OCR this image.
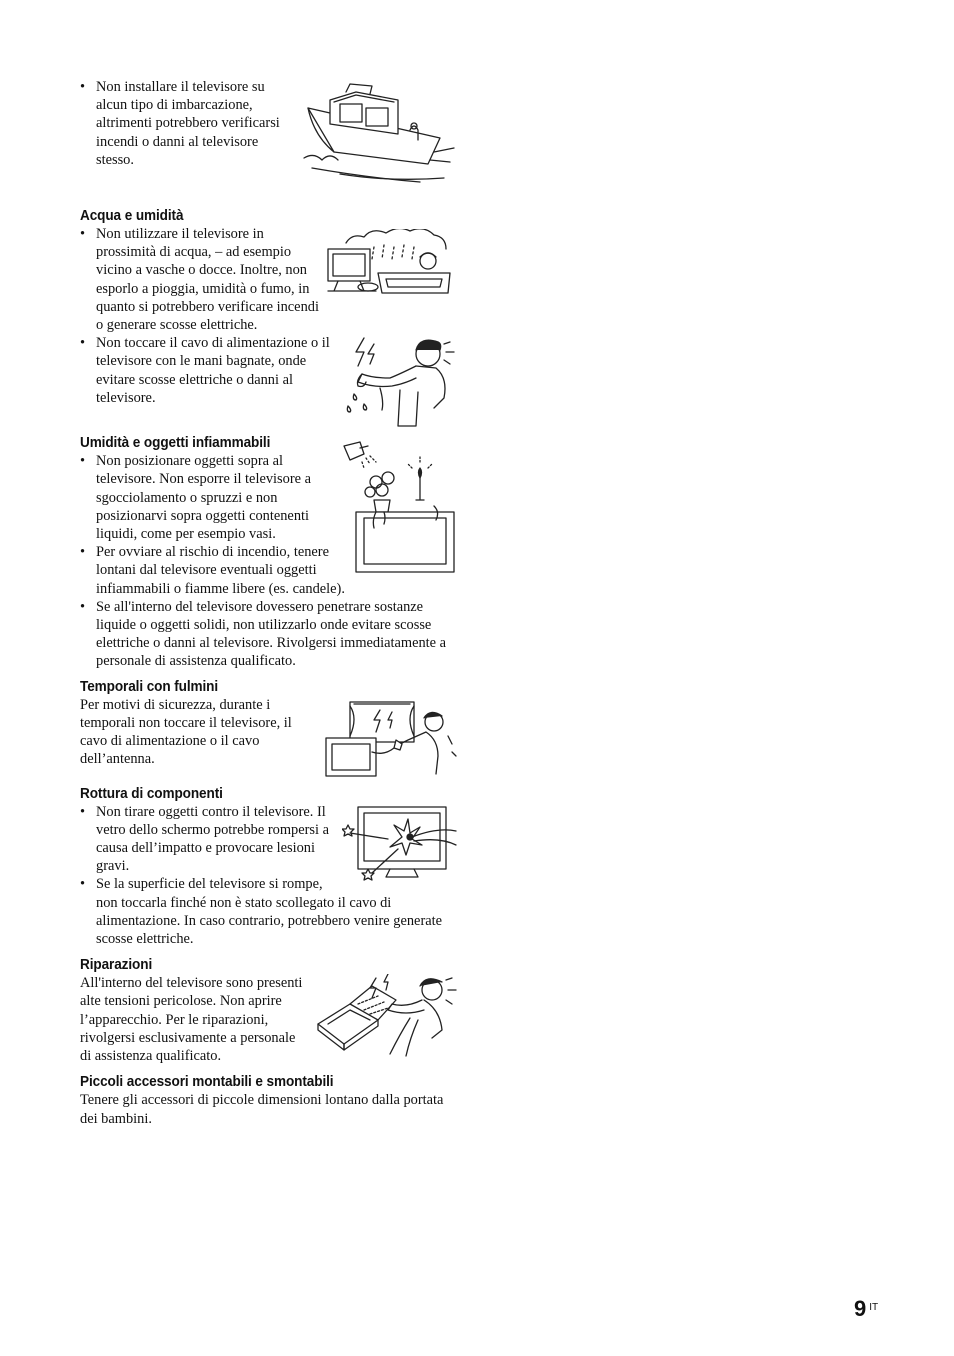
• Non installare il televisore su alcun tipo di imbarcazione, altrimenti potrebbero verificarsi incendi o danni al televisore stesso.

Acqua e umidità

• Non utilizzare il televisore in prossimità di acqua, – ad esempio vicino a vasche o docce. Inoltre, non esporlo a pioggia, umidità o fumo, in quanto si potrebbero verificare incendi o generare scosse elettriche.

• Non toccare il cavo di alimentazione o il televisore con le mani bagnate, onde evitare scosse elettriche o danni al televisore.

Umidità e oggetti infiammabili

• Non posizionare oggetti sopra al televisore. Non esporre il televisore a sgocciolamento o spruzzi e non posizionarvi sopra oggetti contenenti liquidi, come per esempio vasi.

• Per ovviare al rischio di incendio, tenere lontani dal televisore eventuali oggetti infiammabili o fiamme libere (es. candele).

• Se all'interno del televisore dovessero penetrare sostanze liquide o oggetti solidi, non utilizzarlo onde evitare scosse elettriche o danni al televisore. Rivolgersi immediatamente a personale di assistenza qualificato.

Temporali con fulmini

Per motivi di sicurezza, durante i temporali non toccare il televisore, il cavo di alimentazione o il cavo dell’antenna.

Rottura di componenti

• Non tirare oggetti contro il televisore. Il vetro dello schermo potrebbe rompersi a causa dell’impatto e provocare lesioni gravi.

• Se la superficie del televisore si rompe, non toccarla finché non è stato scollegato il cavo di alimentazione. In caso contrario, potrebbero venire generate scosse elettriche.

Riparazioni

All'interno del televisore sono presenti alte tensioni pericolose. Non aprire l’apparecchio. Per le riparazioni, rivolgersi esclusivamente a personale di assistenza qualificato.

Piccoli accessori montabili e smontabili

Tenere gli accessori di piccole dimensioni lontano dalla portata dei bambini.

9 $^{IT}$
